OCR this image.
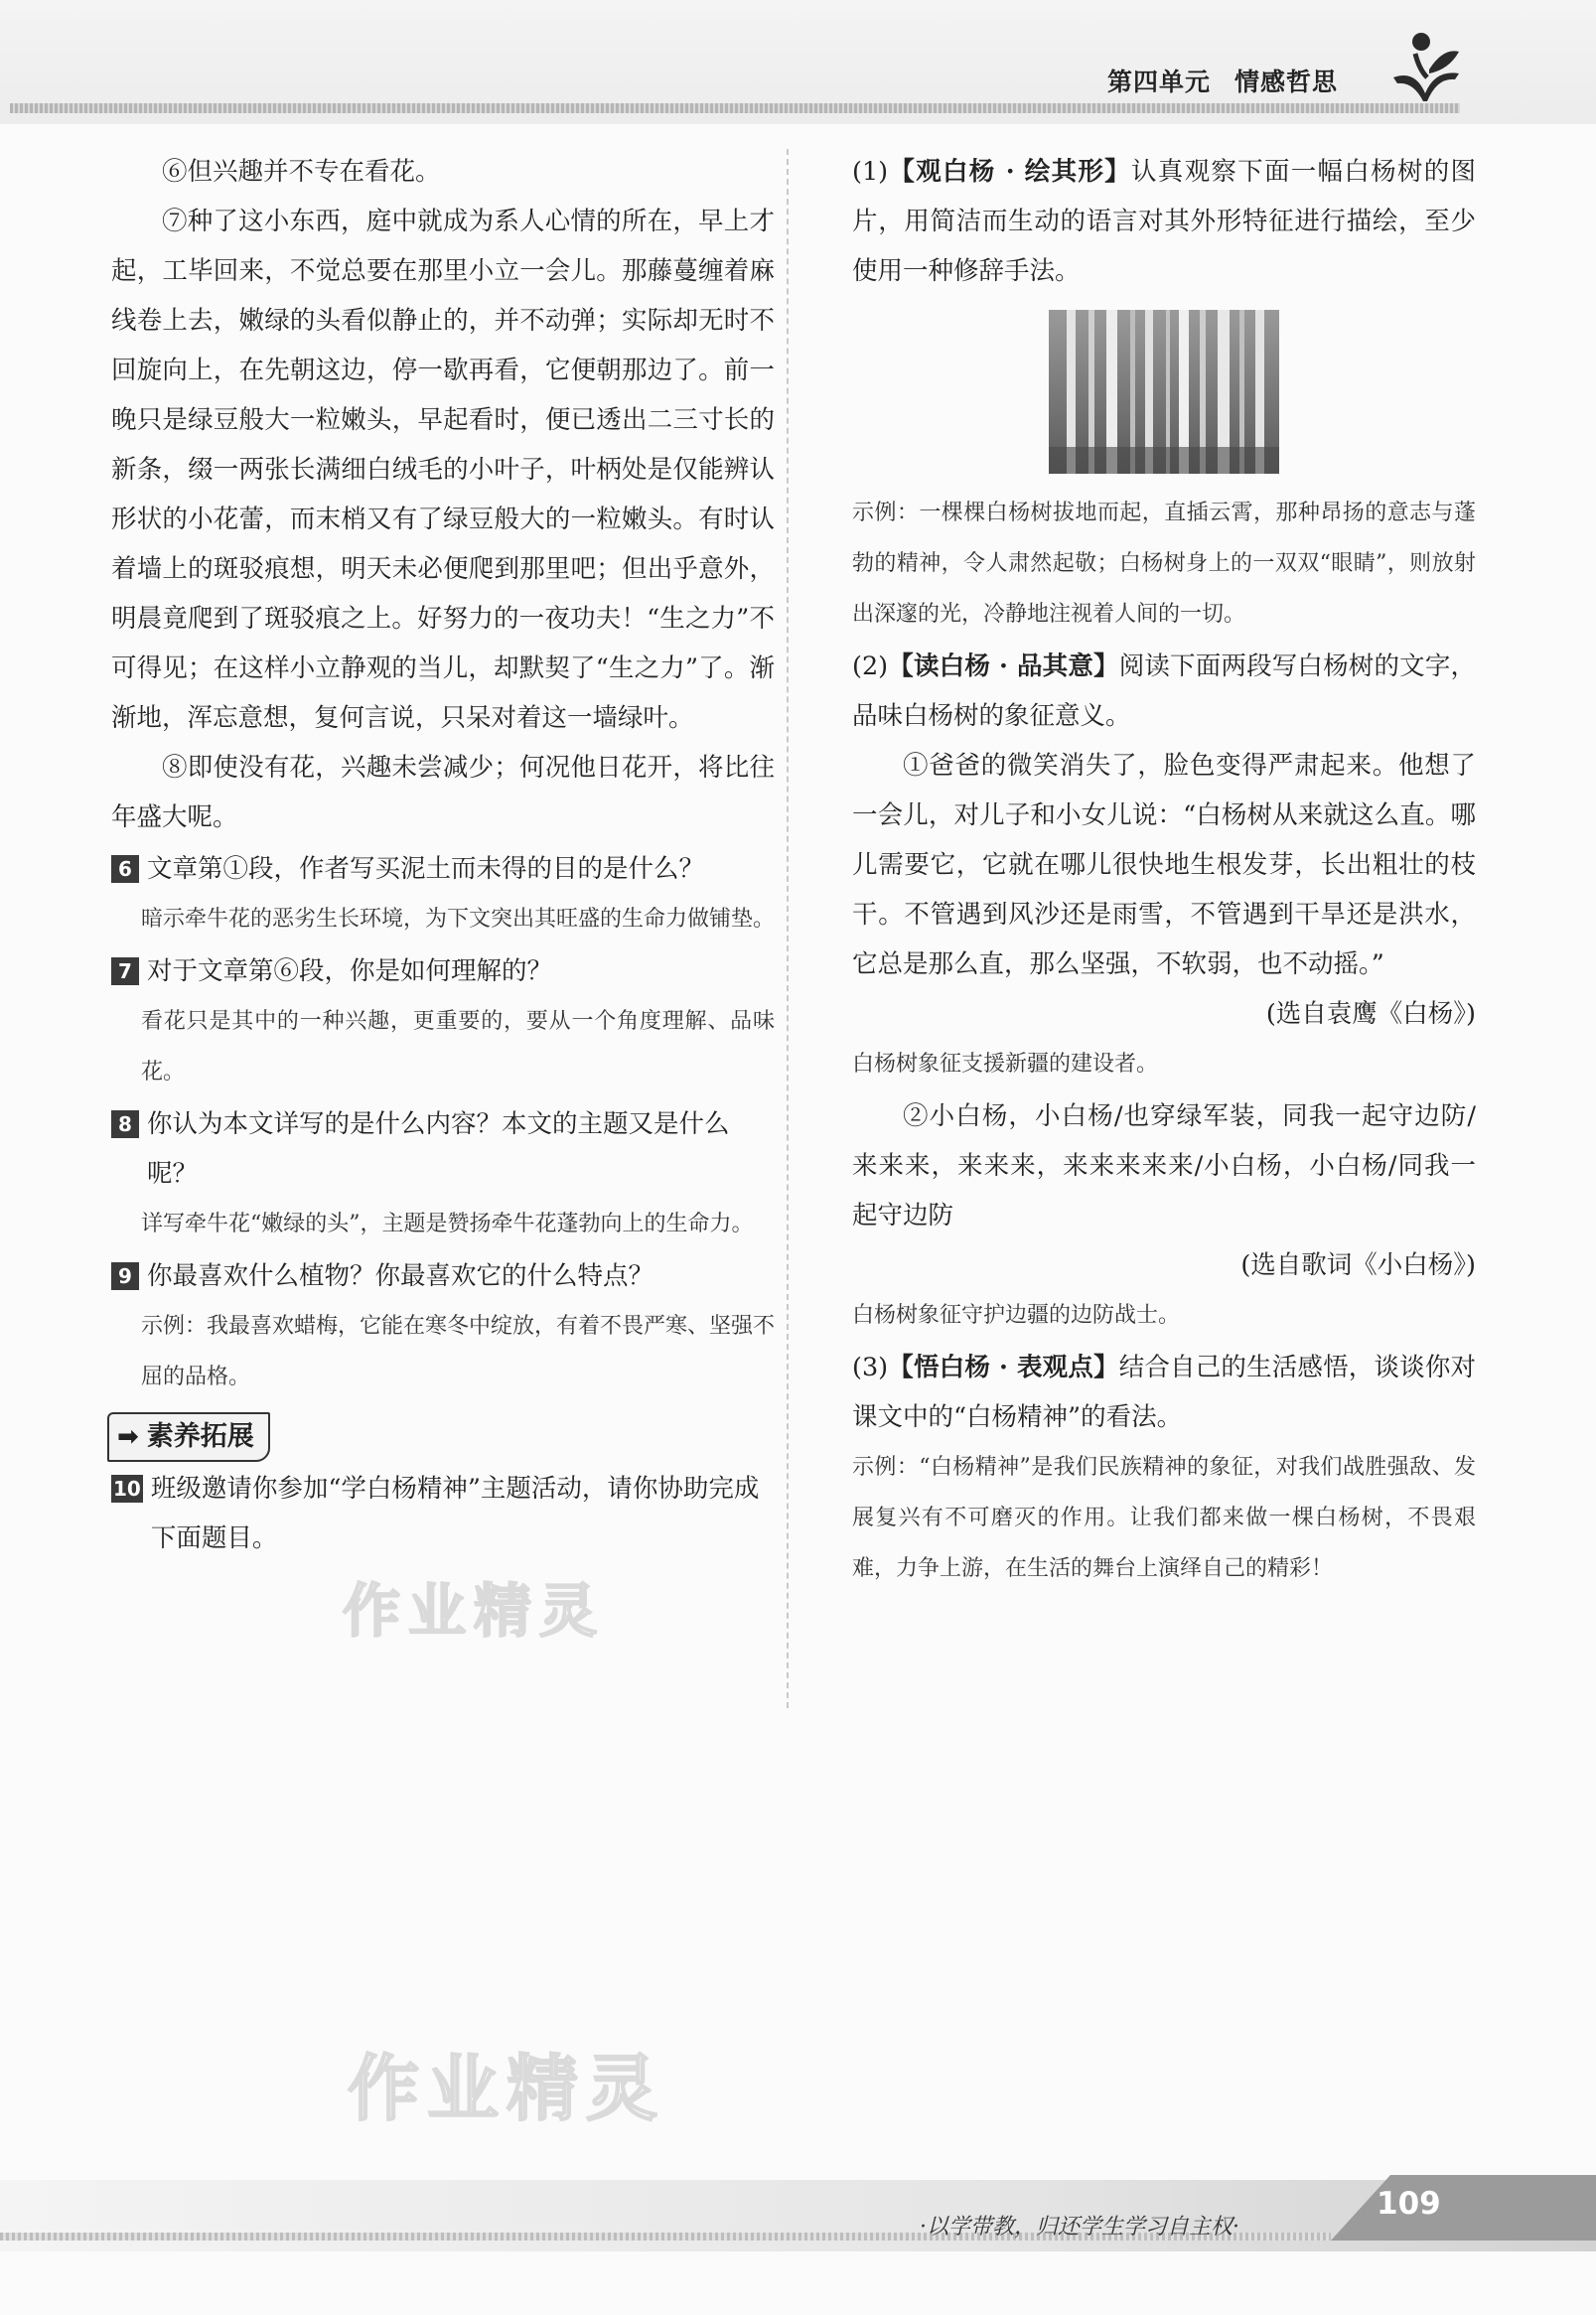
第四单元 情感哲思

⑥但兴趣并不专在看花。

⑦种了这小东西，庭中就成为系人心情的所在，早上才起，工毕回来，不觉总要在那里小立一会儿。那藤蔓缠着麻线卷上去，嫩绿的头看似静止的，并不动弹；实际却无时不回旋向上，在先朝这边，停一歇再看，它便朝那边了。前一晚只是绿豆般大一粒嫩头，早起看时，便已透出二三寸长的新条，缀一两张长满细白绒毛的小叶子，叶柄处是仅能辨认形状的小花蕾，而末梢又有了绿豆般大的一粒嫩头。有时认着墙上的斑驳痕想，明天未必便爬到那里吧；但出乎意外，明晨竟爬到了斑驳痕之上。好努力的一夜功夫！“生之力”不可得见；在这样小立静观的当儿，却默契了“生之力”了。渐渐地，浑忘意想，复何言说，只呆对着这一墙绿叶。

⑧即使没有花，兴趣未尝减少；何况他日花开，将比往年盛大呢。

6 文章第①段，作者写买泥土而未得的目的是什么？

暗示牵牛花的恶劣生长环境，为下文突出其旺盛的生命力做铺垫。

7 对于文章第⑥段，你是如何理解的？

看花只是其中的一种兴趣，更重要的，要从一个角度理解、品味花。

8 你认为本文详写的是什么内容？本文的主题又是什么呢？

详写牵牛花“嫩绿的头”，主题是赞扬牵牛花蓬勃向上的生命力。

9 你最喜欢什么植物？你最喜欢它的什么特点？

示例：我最喜欢蜡梅，它能在寒冬中绽放，有着不畏严寒、坚强不屈的品格。

➡ 素养拓展
10 班级邀请你参加“学白杨精神”主题活动，请你协助完成下面题目。

(1)【观白杨 · 绘其形】认真观察下面一幅白杨树的图片，用简洁而生动的语言对其外形特征进行描绘，至少使用一种修辞手法。

示例：一棵棵白杨树拔地而起，直插云霄，那种昂扬的意志与蓬勃的精神，令人肃然起敬；白杨树身上的一双双“眼睛”，则放射出深邃的光，冷静地注视着人间的一切。

(2)【读白杨 · 品其意】阅读下面两段写白杨树的文字，品味白杨树的象征意义。

①爸爸的微笑消失了，脸色变得严肃起来。他想了一会儿，对儿子和小女儿说：“白杨树从来就这么直。哪儿需要它，它就在哪儿很快地生根发芽，长出粗壮的枝干。不管遇到风沙还是雨雪，不管遇到干旱还是洪水，它总是那么直，那么坚强，不软弱，也不动摇。”

(选自袁鹰《白杨》)

白杨树象征支援新疆的建设者。

②小白杨，小白杨/也穿绿军装，同我一起守边防/来来来，来来来，来来来来来/小白杨，小白杨/同我一起守边防

(选自歌词《小白杨》)

白杨树象征守护边疆的边防战士。

(3)【悟白杨 · 表观点】结合自己的生活感悟，谈谈你对课文中的“白杨精神”的看法。

示例：“白杨精神”是我们民族精神的象征，对我们战胜强敌、发展复兴有不可磨灭的作用。让我们都来做一棵白杨树，不畏艰难，力争上游，在生活的舞台上演绎自己的精彩！

作业精灵
作业精灵
·以学带教，归还学生学习自主权·
109
